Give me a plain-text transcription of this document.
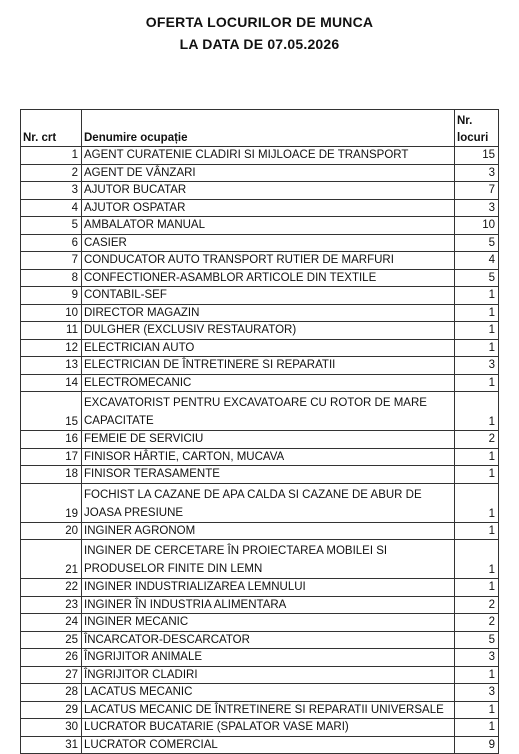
OFERTA LOCURILOR DE MUNCA
LA DATA DE 07.05.2026
Nr. crt	Denumire ocupație	Nr. locuri
1	AGENT CURATENIE CLADIRI SI MIJLOACE DE TRANSPORT	15
2	AGENT DE VÂNZARI	3
3	AJUTOR BUCATAR	7
4	AJUTOR OSPATAR	3
5	AMBALATOR MANUAL	10
6	CASIER	5
7	CONDUCATOR AUTO TRANSPORT RUTIER DE MARFURI	4
8	CONFECTIONER-ASAMBLOR ARTICOLE DIN TEXTILE	5
9	CONTABIL-SEF	1
10	DIRECTOR MAGAZIN	1
11	DULGHER (EXCLUSIV RESTAURATOR)	1
12	ELECTRICIAN AUTO	1
13	ELECTRICIAN DE ÎNTRETINERE SI REPARATII	3
14	ELECTROMECANIC	1
15	EXCAVATORIST PENTRU EXCAVATOARE CU ROTOR DE MARE CAPACITATE	1
16	FEMEIE DE SERVICIU	2
17	FINISOR HÂRTIE, CARTON, MUCAVA	1
18	FINISOR TERASAMENTE	1
19	FOCHIST LA CAZANE DE APA CALDA SI CAZANE DE ABUR DE JOASA PRESIUNE	1
20	INGINER AGRONOM	1
21	INGINER DE CERCETARE ÎN PROIECTAREA MOBILEI SI PRODUSELOR FINITE DIN LEMN	1
22	INGINER INDUSTRIALIZAREA LEMNULUI	1
23	INGINER ÎN INDUSTRIA ALIMENTARA	2
24	INGINER MECANIC	2
25	ÎNCARCATOR-DESCARCATOR	5
26	ÎNGRIJITOR ANIMALE	3
27	ÎNGRIJITOR CLADIRI	1
28	LACATUS MECANIC	3
29	LACATUS MECANIC DE ÎNTRETINERE SI REPARATII UNIVERSALE	1
30	LUCRATOR BUCATARIE (SPALATOR VASE MARI)	1
31	LUCRATOR COMERCIAL	9
